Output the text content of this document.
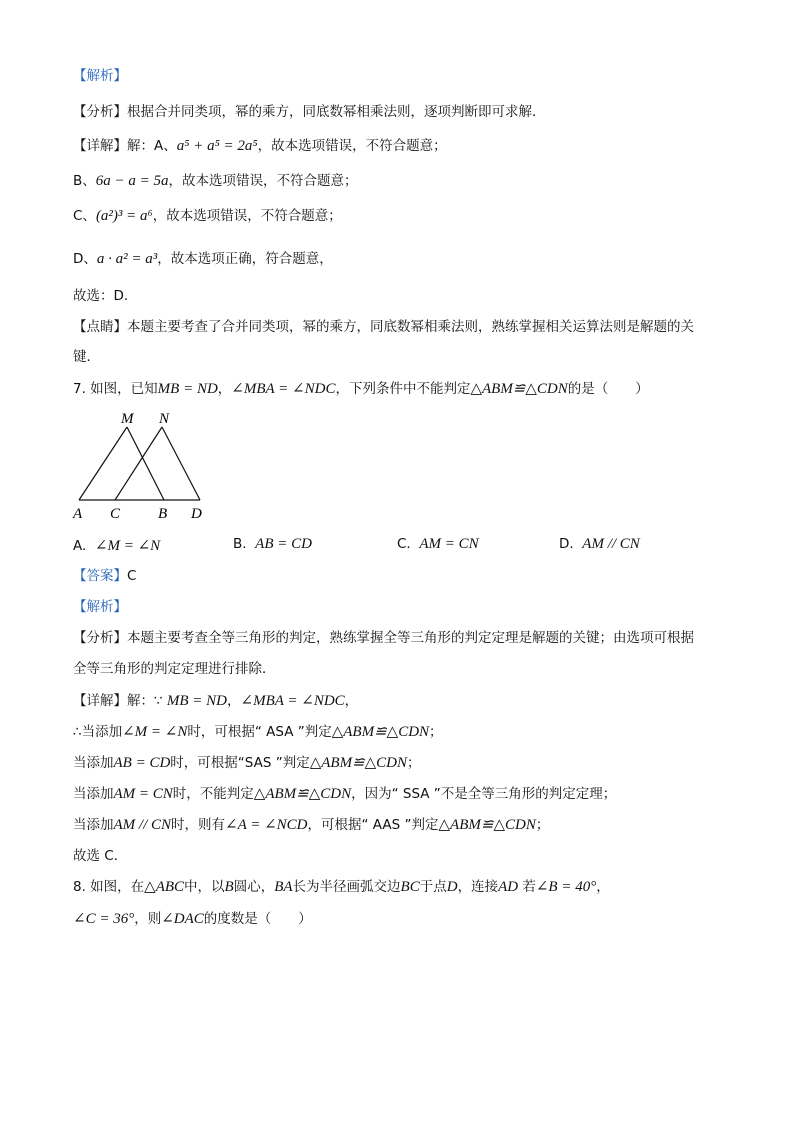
【解析】
【分析】根据合并同类项，幂的乘方，同底数幂相乘法则，逐项判断即可求解．
【详解】解：A、a⁵ + a⁵ = 2a⁵，故本选项错误，不符合题意；
B、6a − a = 5a，故本选项错误，不符合题意；
C、(a²)³ = a⁶，故本选项错误，不符合题意；
D、a · a² = a³，故本选项正确，符合题意，
故选：D.
【点睛】本题主要考查了合并同类项，幂的乘方，同底数幂相乘法则，熟练掌握相关运算法则是解题的关
键．
7. 如图，已知MB = ND，∠MBA = ∠NDC，下列条件中不能判定△ABM≌△CDN的是（　　）
【答案】C
【解析】
【分析】本题主要考查全等三角形的判定，熟练掌握全等三角形的判定定理是解题的关键；由选项可根据
全等三角形的判定定理进行排除．
【详解】解：∵ MB = ND，∠MBA = ∠NDC，
∴当添加∠M = ∠N时，可根据“ ASA ”判定△ABM≌△CDN；
当添加AB = CD时，可根据“SAS ”判定△ABM≌△CDN；
当添加AM = CN时，不能判定△ABM≌△CDN，因为“ SSA ”不是全等三角形的判定定理；
当添加AM // CN时，则有∠A = ∠NCD，可根据“ AAS ”判定△ABM≌△CDN；
故选 C．
8. 如图，在△ABC中，以B圆心，BA长为半径画弧交边BC于点D，连接AD 若∠B = 40°，
∠C = 36°，则∠DAC的度数是（　　）
M N
A C	B D
A. ∠M = ∠N	B. AB = CD	C. AM = CN	D. AM // CN
